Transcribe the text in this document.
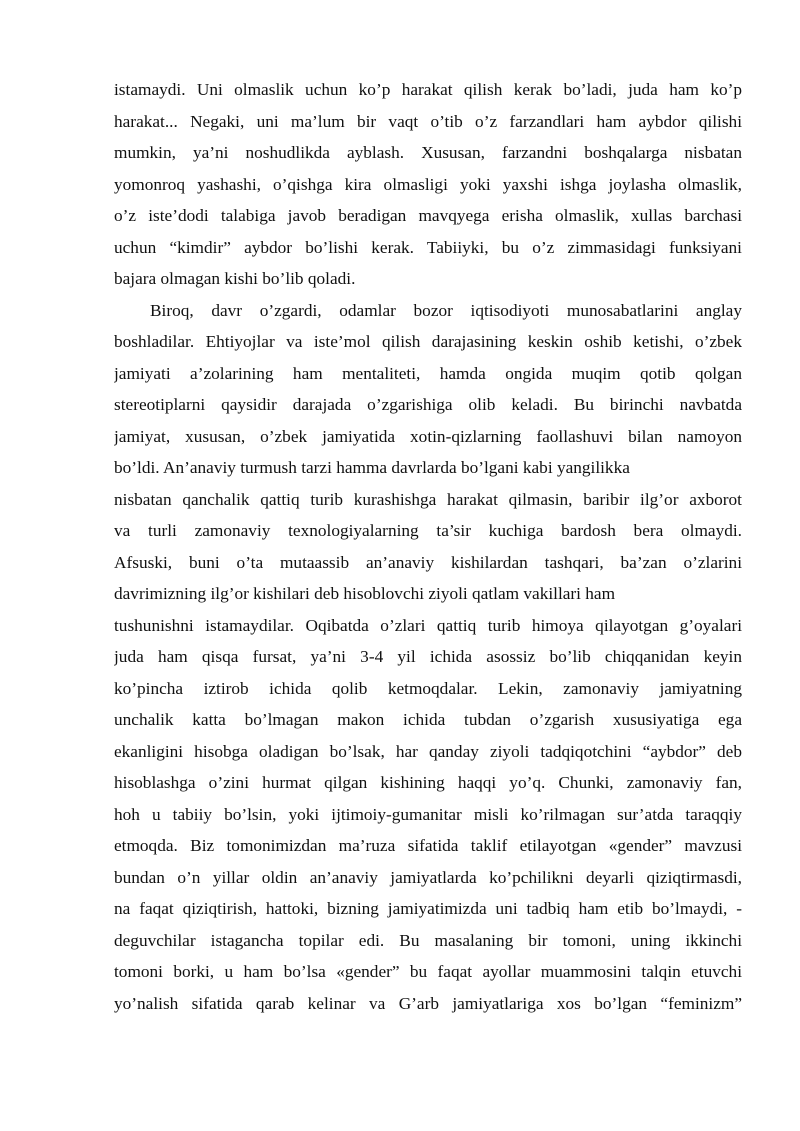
istamaydi. Uni olmaslik uchun ko’p harakat qilish kerak bo’ladi, juda ham ko’p
harakat... Negaki, uni ma’lum bir vaqt o’tib o’z farzandlari ham aybdor qilishi
mumkin, ya’ni noshudlikda ayblash. Xususan, farzandni boshqalarga nisbatan
yomonroq yashashi, o’qishga kira olmasligi yoki yaxshi ishga joylasha olmaslik,
o’z iste’dodi talabiga javob beradigan mavqyega erisha olmaslik, xullas barchasi
uchun “kimdir” aybdor bo’lishi kerak. Tabiiyki, bu o’z zimmasidagi funksiyani
bajara olmagan kishi bo’lib qoladi.
Biroq, davr o’zgardi, odamlar bozor iqtisodiyoti munosabatlarini anglay
boshladilar. Ehtiyojlar va iste’mol qilish darajasining keskin oshib ketishi, o’zbek
jamiyati a’zolarining ham mentaliteti, hamda ongida muqim qotib qolgan
stereotiplarni qaysidir darajada o’zgarishiga olib keladi. Bu birinchi navbatda
jamiyat, xususan, o’zbek jamiyatida xotin-qizlarning faollashuvi bilan namoyon
bo’ldi. An’anaviy turmush tarzi hamma davrlarda bo’lgani kabi yangilikka
nisbatan qanchalik qattiq turib kurashishga harakat qilmasin, baribir ilg’or axborot
va turli zamonaviy texnologiyalarning ta’sir kuchiga bardosh bera olmaydi.
Afsuski, buni o’ta mutaassib an’anaviy kishilardan tashqari, ba’zan o’zlarini
davrimizning ilg’or kishilari deb hisoblovchi ziyoli qatlam vakillari ham
tushunishni istamaydilar. Oqibatda o’zlari qattiq turib himoya qilayotgan g’oyalari
juda ham qisqa fursat, ya’ni 3-4 yil ichida asossiz bo’lib chiqqanidan keyin
ko’pincha iztirob ichida qolib ketmoqdalar. Lekin, zamonaviy jamiyatning
unchalik katta bo’lmagan makon ichida tubdan o’zgarish xususiyatiga ega
ekanligini hisobga oladigan bo’lsak, har qanday ziyoli tadqiqotchini “aybdor” deb
hisoblashga o’zini hurmat qilgan kishining haqqi yo’q. Chunki, zamonaviy fan,
hoh u tabiiy bo’lsin, yoki ijtimoiy-gumanitar misli ko’rilmagan sur’atda taraqqiy
etmoqda. Biz tomonimizdan ma’ruza sifatida taklif etilayotgan «gender” mavzusi
bundan o’n yillar oldin an’anaviy jamiyatlarda ko’pchilikni deyarli qiziqtirmasdi,
na faqat qiziqtirish, hattoki, bizning jamiyatimizda uni tadbiq ham etib bo’lmaydi, -
deguvchilar istagancha topilar edi. Bu masalaning bir tomoni, uning ikkinchi
tomoni borki, u ham bo’lsa «gender” bu faqat ayollar muammosini talqin etuvchi
yo’nalish sifatida qarab kelinar va G’arb jamiyatlariga xos bo’lgan “feminizm”
